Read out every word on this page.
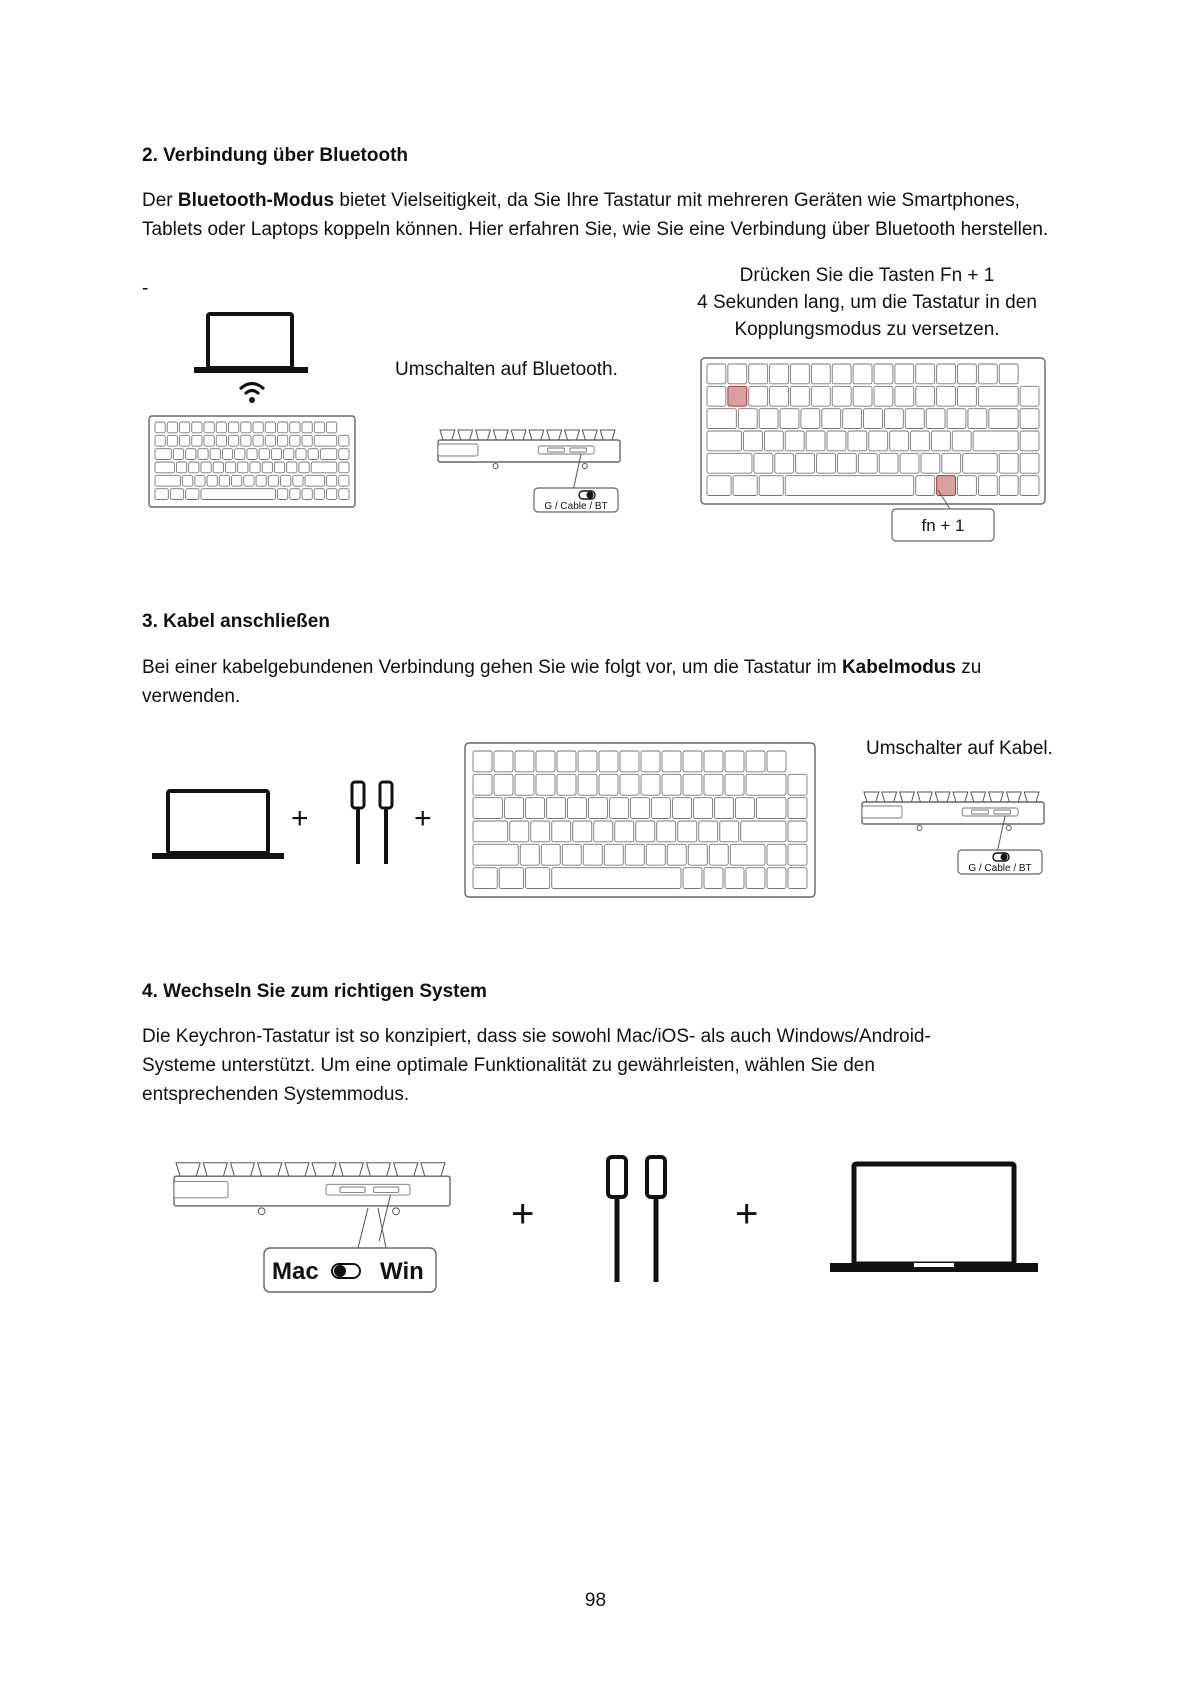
2. Verbindung über Bluetooth

Der Bluetooth-Modus bietet Vielseitigkeit, da Sie Ihre Tastatur mit mehreren Geräten wie Smartphones, Tablets oder Laptops koppeln können. Hier erfahren Sie, wie Sie eine Verbindung über Bluetooth herstellen.

-
Umschalten auf Bluetooth.
G / Cable / BT
Drücken Sie die Tasten Fn + 1
4 Sekunden lang, um die Tastatur in den
Kopplungsmodus zu versetzen.
fn + 1
3. Kabel anschließen

Bei einer kabelgebundenen Verbindung gehen Sie wie folgt vor, um die Tastatur im Kabelmodus zu verwenden.

+	+
Umschalter auf Kabel.
G / Cable / BT
4. Wechseln Sie zum richtigen System

Die Keychron-Tastatur ist so konzipiert, dass sie sowohl Mac/iOS- als auch Windows/Android-Systeme unterstützt. Um eine optimale Funktionalität zu gewährleisten, wählen Sie den entsprechenden Systemmodus.

Mac	Win
+	+
98
